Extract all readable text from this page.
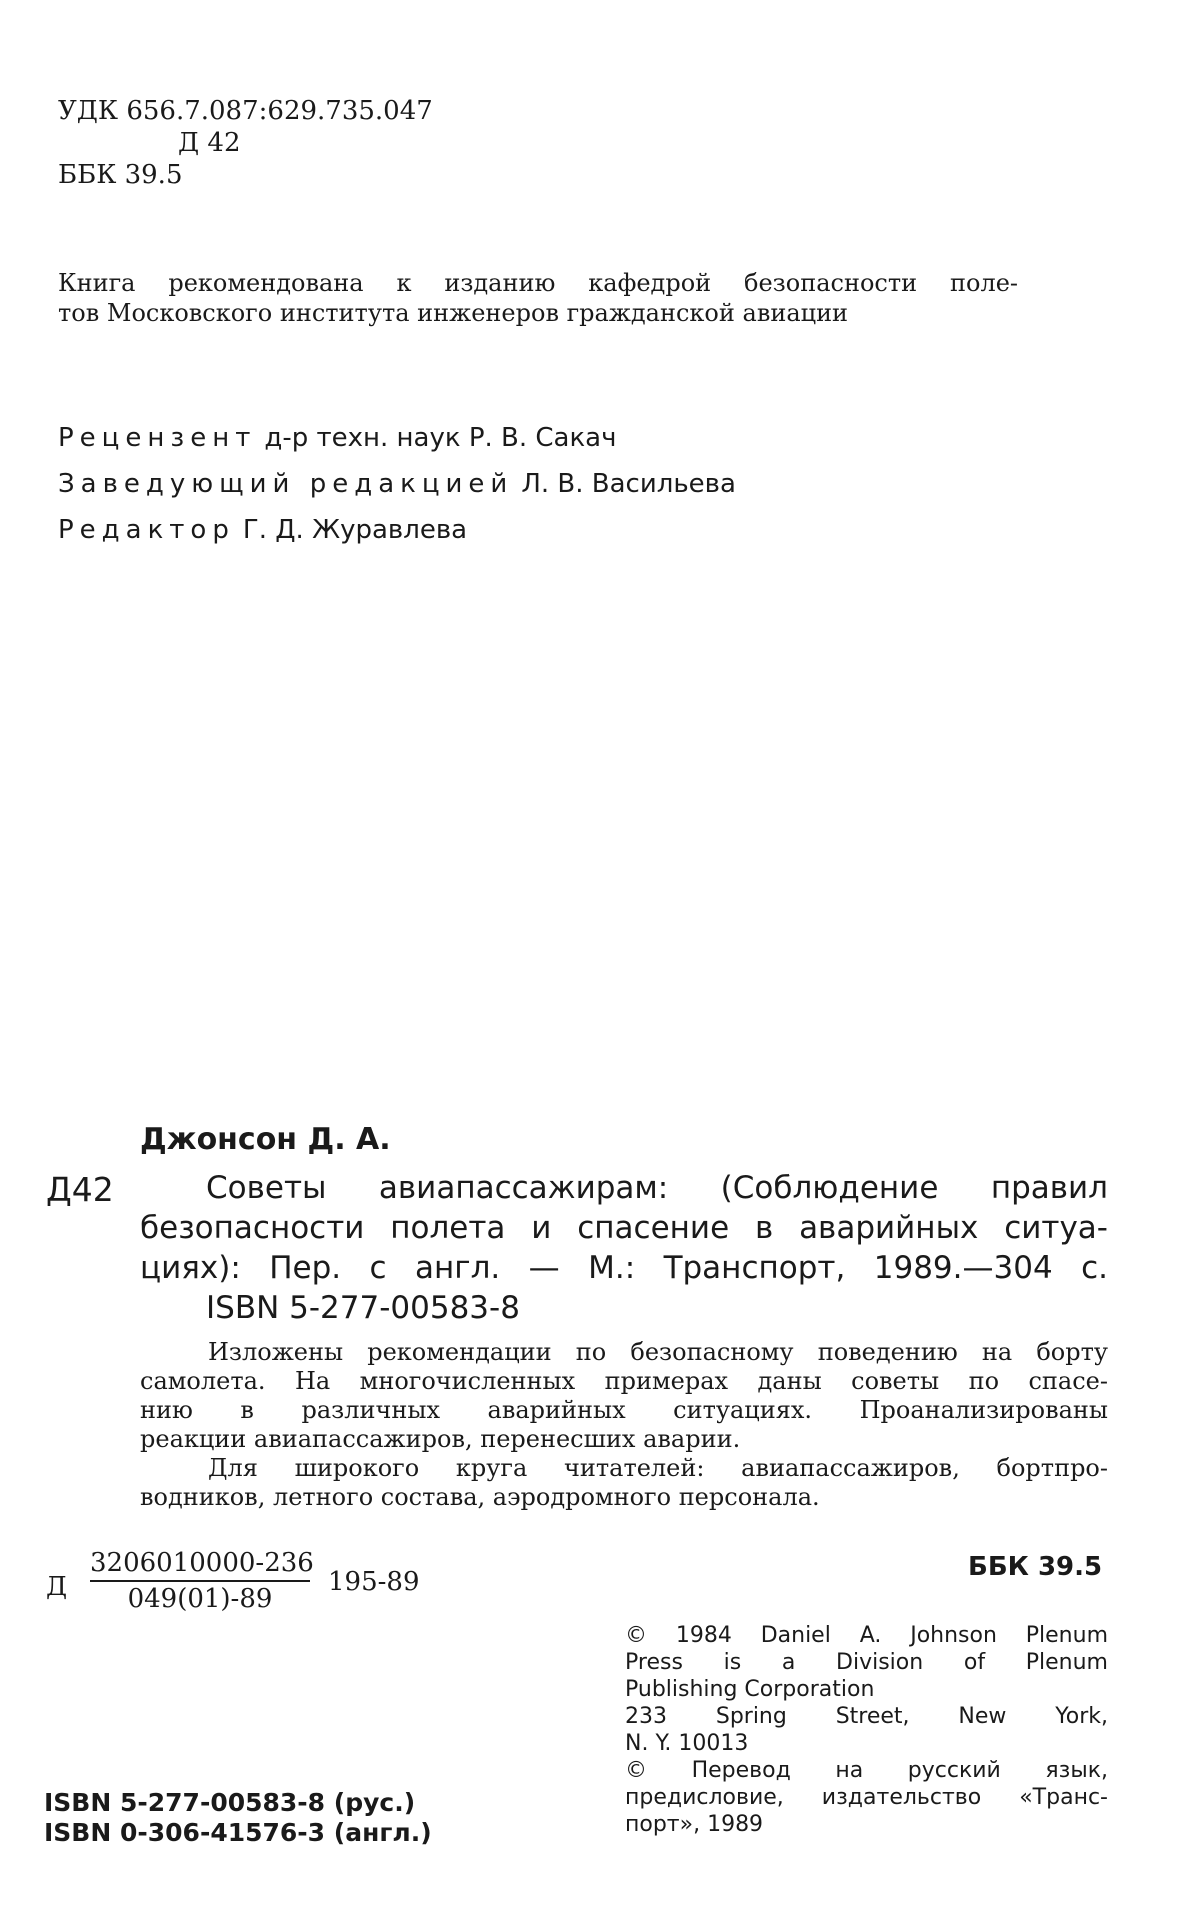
УДК 656.7.087:629.735.047
Д 42
ББК 39.5
Книга рекомендована к изданию кафедрой безопасности поле-
тов Московского института инженеров гражданской авиации
Рецензент д-р техн. наук Р. В. Сакач
Заведующий редакцией Л. В. Васильева
Редактор Г. Д. Журавлева
Джонсон Д. А.
Д42	Советы авиапассажирам: (Соблюдение правил
безопасности полета и спасение в аварийных ситуа-
циях): Пер. с англ. — М.: Транспорт, 1989.—304 с.
ISBN 5-277-00583-8
Изложены рекомендации по безопасному поведению на борту
самолета. На многочисленных примерах даны советы по спасе-
нию в различных аварийных ситуациях. Проанализированы
реакции авиапассажиров, перенесших аварии.
Для широкого круга читателей: авиапассажиров, бортпро-
водников, летного состава, аэродромного персонала.
Д $\frac{3206010000-236}{049(01)-89} 195-89$	ББК 39.5
© 1984 Daniel A. Johnson Plenum
Press is a Division of Plenum
Publishing Corporation
233 Spring Street, New York,
N. Y. 10013
© Перевод на русский язык,
предисловие, издательство «Транс-
порт», 1989
ISBN 5-277-00583-8 (рус.)
ISBN 0-306-41576-3 (англ.)
